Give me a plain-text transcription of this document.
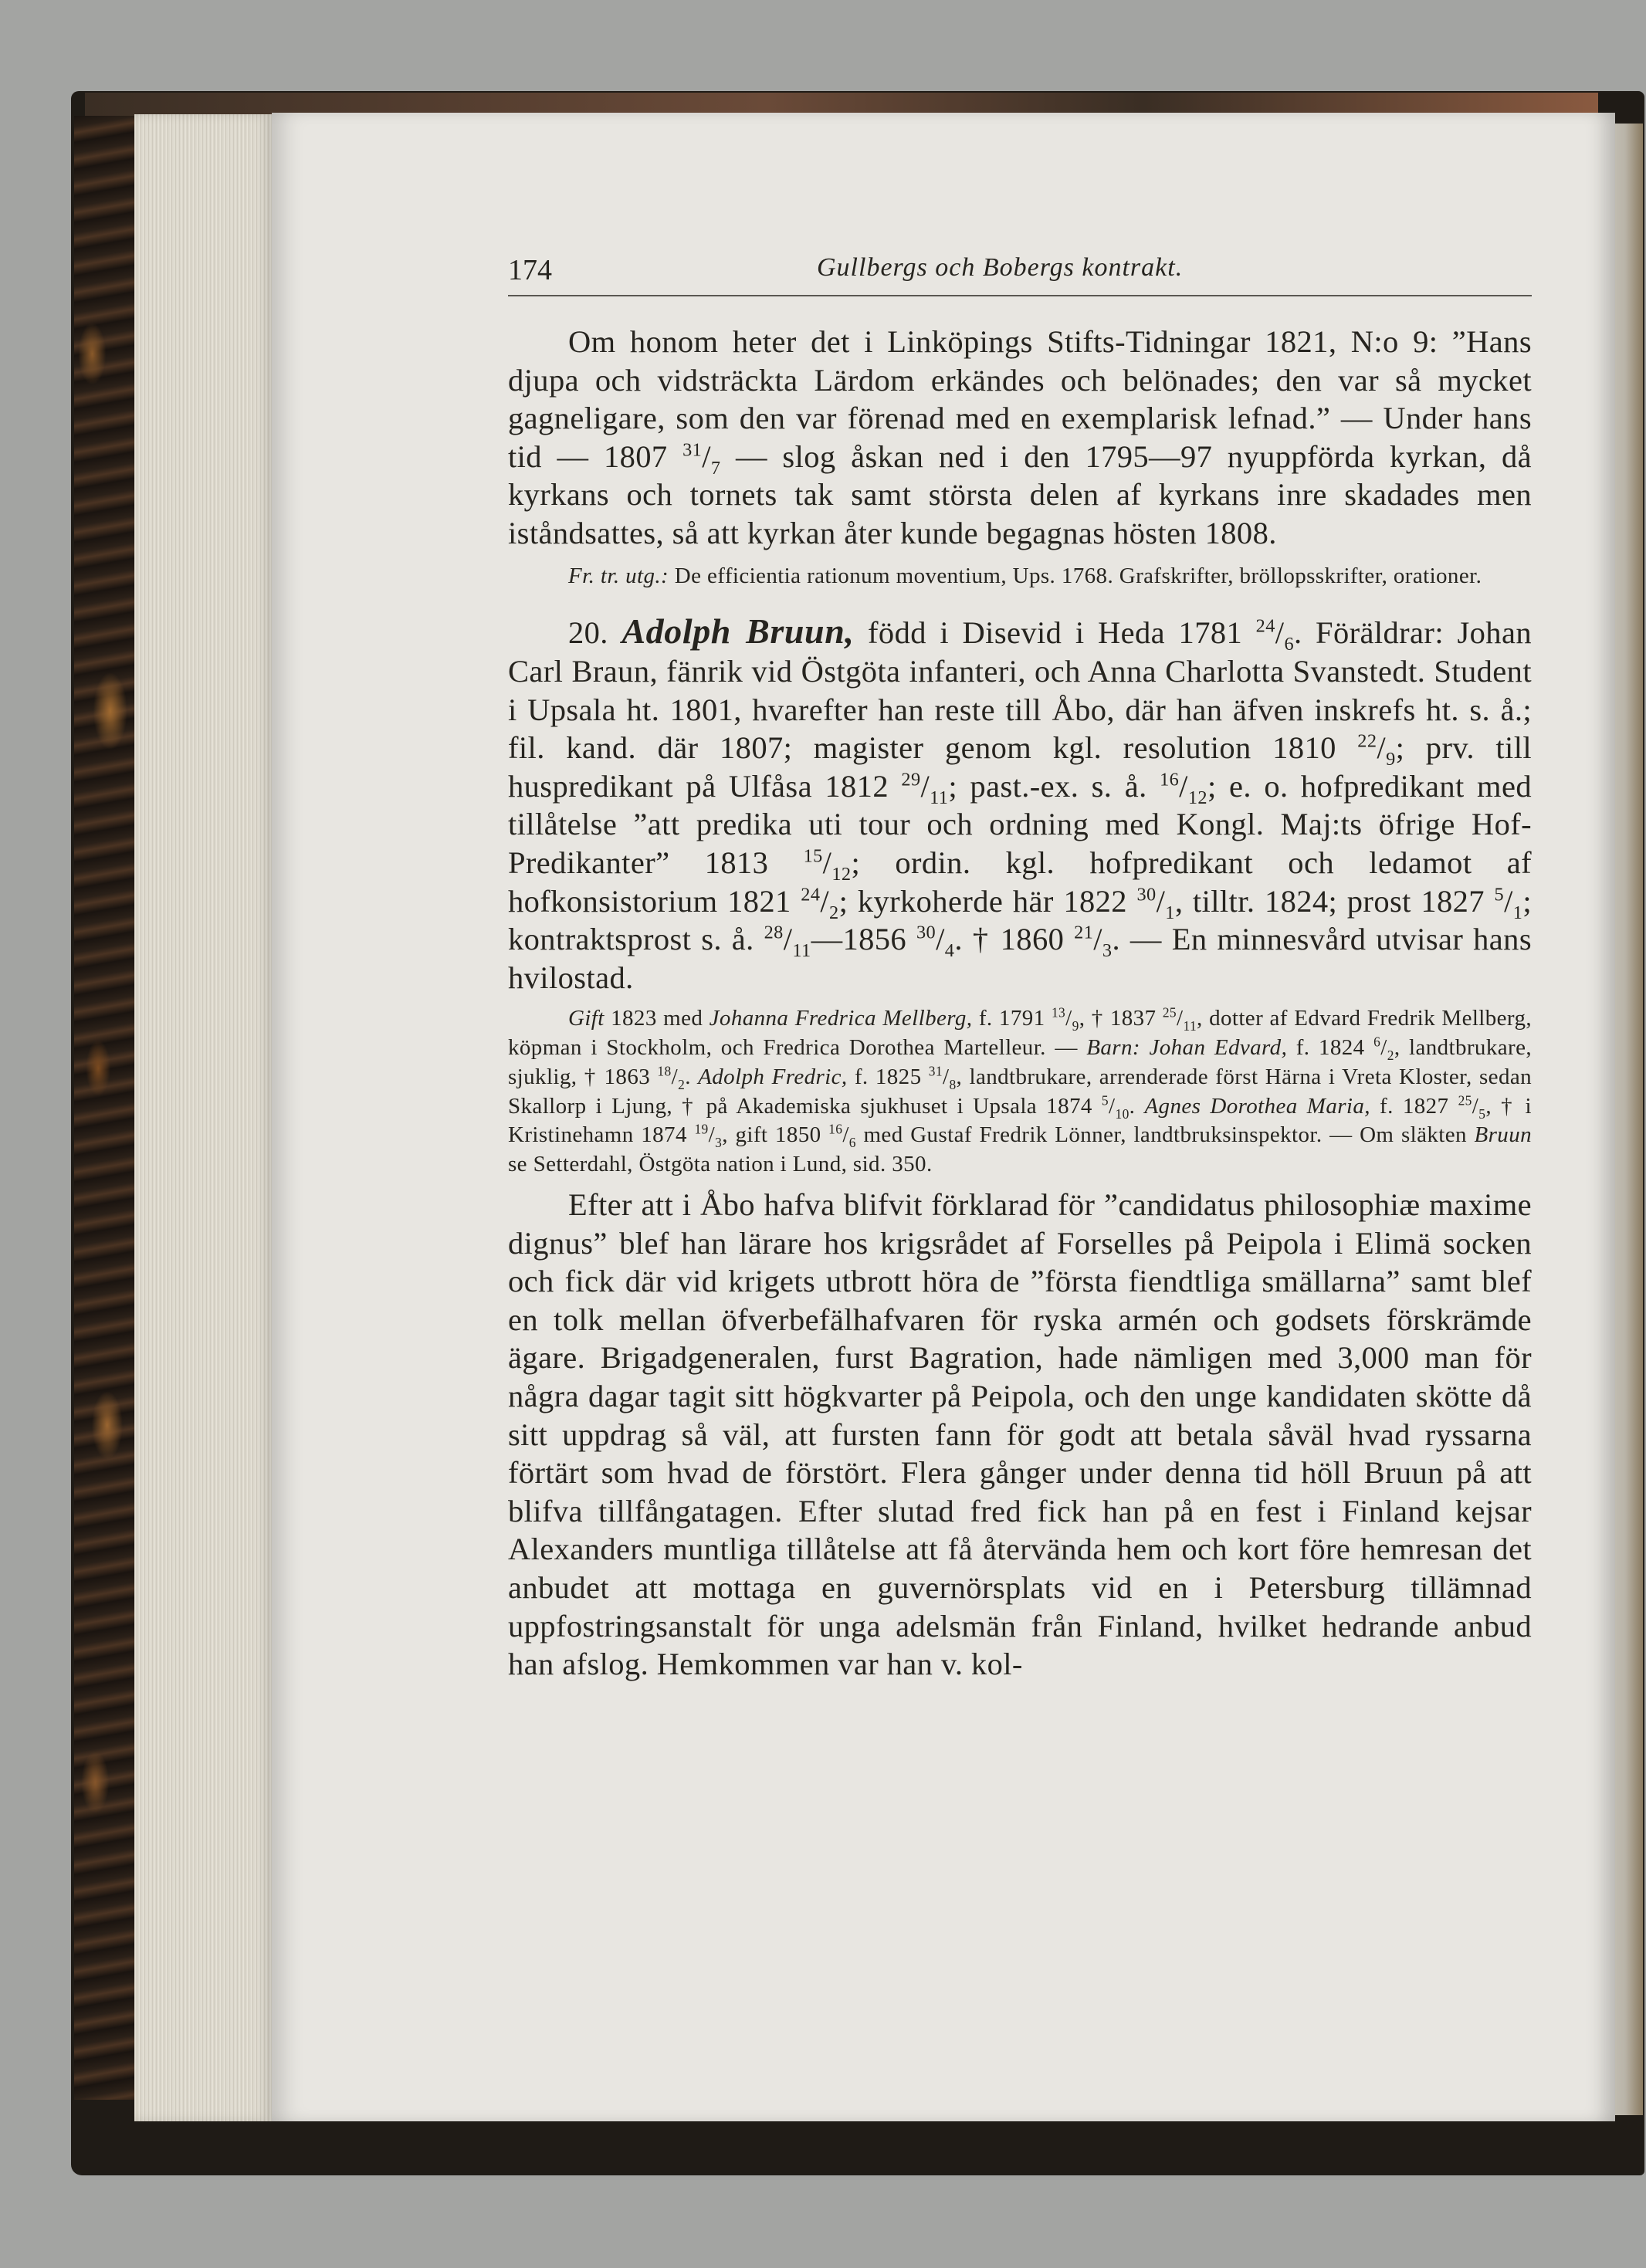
174	Gullbergs och Bobergs kontrakt.

Om honom heter det i Linköpings Stifts-Tidningar 1821, N:o 9: ”Hans djupa och vidsträckta Lärdom erkändes och belönades; den var så mycket gagneligare, som den var förenad med en exemplarisk lefnad.” — Under hans tid — 1807 $^{31}/_7$ — slog åskan ned i den 1795—97 nyuppförda kyrkan, då kyrkans och tornets tak samt största delen af kyrkans inre skadades men iståndsattes, så att kyrkan åter kunde begagnas hösten 1808.

Fr. tr. utg.: De efficientia rationum moventium, Ups. 1768. Grafskrifter, bröllopsskrifter, orationer.

20. Adolph Bruun, född i Disevid i Heda 1781 $^{24}/_6$. Föräldrar: Johan Carl Braun, fänrik vid Östgöta infanteri, och Anna Charlotta Svanstedt. Student i Upsala ht. 1801, hvarefter han reste till Åbo, där han äfven inskrefs ht. s. å.; fil. kand. där 1807; magister genom kgl. resolution 1810 $^{22}/_9$; prv. till huspredikant på Ulfåsa 1812 $^{29}/_{11}$; past.-ex. s. å. $^{16}/_{12}$; e. o. hofpredikant med tillåtelse ”att predika uti tour och ordning med Kongl. Maj:ts öfrige Hof-Predikanter” 1813 $^{15}/_{12}$; ordin. kgl. hofpredikant och ledamot af hofkonsistorium 1821 $^{24}/_2$; kyrkoherde här 1822 $^{30}/_1$, tilltr. 1824; prost 1827 $^5/_1$; kontraktsprost s. å. $^{28}/_{11}—1856$ $^{30}/_4$. † 1860 $^{21}/_3$. — En minnesvård utvisar hans hvilostad.

Gift 1823 med Johanna Fredrica Mellberg, f. 1791 $^{13}/_9$, † 1837 $^{25}/_{11}$, dotter af Edvard Fredrik Mellberg, köpman i Stockholm, och Fredrica Dorothea Martelleur. — Barn: Johan Edvard, f. 1824 $^6/_2$, landtbrukare, sjuklig, † 1863 $^{18}/_2$. Adolph Fredric, f. 1825 $^{31}/_8$, landtbrukare, arrenderade först Härna i Vreta Kloster, sedan Skallorp i Ljung, † på Akademiska sjukhuset i Upsala 1874 $^5/_{10}$. Agnes Dorothea Maria, f. 1827 $^{25}/_5$, † i Kristinehamn 1874 $^{19}/_3$, gift 1850 $^{16}/_6$ med Gustaf Fredrik Lönner, landtbruksinspektor. — Om släkten Bruun se Setterdahl, Östgöta nation i Lund, sid. 350.

Efter att i Åbo hafva blifvit förklarad för ”candidatus philosophiæ maxime dignus” blef han lärare hos krigsrådet af Forselles på Peipola i Elimä socken och fick där vid krigets utbrott höra de ”första fiendtliga smällarna” samt blef en tolk mellan öfverbefälhafvaren för ryska armén och godsets förskrämde ägare. Brigadgeneralen, furst Bagration, hade nämligen med 3,000 man för några dagar tagit sitt högkvarter på Peipola, och den unge kandidaten skötte då sitt uppdrag så väl, att fursten fann för godt att betala såväl hvad ryssarna förtärt som hvad de förstört. Flera gånger under denna tid höll Bruun på att blifva tillfångatagen. Efter slutad fred fick han på en fest i Finland kejsar Alexanders muntliga tillåtelse att få återvända hem och kort före hemresan det anbudet att mottaga en guvernörsplats vid en i Petersburg tillämnad uppfostringsanstalt för unga adelsmän från Finland, hvilket hedrande anbud han afslog. Hemkommen var han v. kol-
